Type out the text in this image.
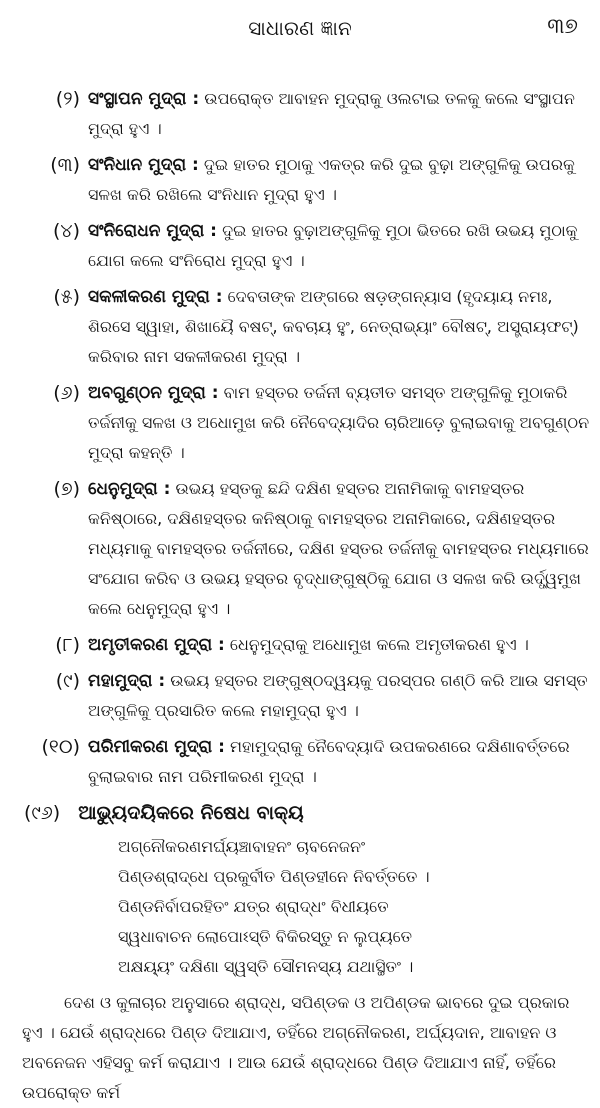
ସାଧାରଣ ଜ୍ଞାନ	୩୭
(୨) ସଂସ୍ଥାପନ ମୁଦ୍ରା : ଉପରୋକ୍ତ ଆବାହନ ମୁଦ୍ରାକୁ ଓଲଟାଇ ତଳକୁ କଲେ ସଂସ୍ଥାପନ ମୁଦ୍ରା ହୁଏ ।
(୩) ସଂନିଧାନ ମୁଦ୍ରା : ଦୁଇ ହାତର ମୁଠାକୁ ଏକତ୍ର କରି ଦୁଇ ବୁଢ଼ା ଅଙ୍ଗୁଳିକୁ ଉପରକୁ ସଳଖ କରି ରଖିଲେ ସଂନିଧାନ ମୁଦ୍ରା ହୁଏ ।
(୪) ସଂନିରୋଧନ ମୁଦ୍ରା : ଦୁଇ ହାତର ବୁଢ଼ାଅଙ୍ଗୁଳିକୁ ମୁଠା ଭିତରେ ରଖି ଉଭୟ ମୁଠାକୁ ଯୋଗ କଲେ ସଂନିରୋଧ ମୁଦ୍ରା ହୁଏ ।
(୫) ସକଳୀକରଣ ମୁଦ୍ରା : ଦେବତାଙ୍କ ଅଙ୍ଗରେ ଷଡ଼ଙ୍ଗନ୍ୟାସ (ହୃଦୟାୟ ନମଃ, ଶିରସେ ସ୍ୱାହା, ଶିଖାୟୈ ବଷଟ୍, କବଚାୟ ହୁଂ, ନେତ୍ରାଭ୍ୟାଂ ବୌଷଟ୍, ଅସ୍ତ୍ରାୟଫଟ୍) କରିବାର ନାମ ସକଳୀକରଣ ମୁଦ୍ରା ।
(୬) ଅବଗୁଣ୍ଠନ ମୁଦ୍ରା : ବାମ ହସ୍ତର ତର୍ଜନୀ ବ୍ୟତୀତ ସମସ୍ତ ଅଙ୍ଗୁଳିକୁ ମୁଠାକରି ତର୍ଜନୀକୁ ସଳଖ ଓ ଅଧୋମୁଖ କରି ନୈବେଦ୍ୟାଦିର ଚାରିଆଡ଼େ ବୁଲାଇବାକୁ ଅବଗୁଣ୍ଠନ ମୁଦ୍ରା କହନ୍ତି ।
(୭) ଧେନୁମୁଦ୍ରା : ଉଭୟ ହସ୍ତକୁ ଛନ୍ଦି ଦକ୍ଷିଣ ହସ୍ତର ଅନାମିକାକୁ ବାମହସ୍ତର କନିଷ୍ଠାରେ, ଦକ୍ଷିଣହସ୍ତର କନିଷ୍ଠାକୁ ବାମହସ୍ତର ଅନାମିକାରେ, ଦକ୍ଷିଣହସ୍ତର ମଧ୍ୟମାକୁ ବାମହସ୍ତର ତର୍ଜନୀରେ, ଦକ୍ଷିଣ ହସ୍ତର ତର୍ଜନୀକୁ ବାମହସ୍ତର ମଧ୍ୟମାରେ ସଂଯୋଗ କରିବ ଓ ଉଭୟ ହସ୍ତର ବୃଦ୍ଧାଙ୍ଗୁଷ୍ଠିକୁ ଯୋଗ ଓ ସଳଖ କରି ଉର୍ଦ୍ଧ୍ୱମୁଖ କଲେ ଧେନୁମୁଦ୍ରା ହୁଏ ।
(୮) ଅମୃତୀକରଣ ମୁଦ୍ରା : ଧେନୁମୁଦ୍ରାକୁ ଅଧୋମୁଖ କଲେ ଅମୃତୀକରଣ ହୁଏ ।
(୯) ମହାମୁଦ୍ରା : ଉଭୟ ହସ୍ତର ଅଙ୍ଗୁଷ୍ଠଦ୍ୱୟକୁ ପରସ୍ପର ଗଣ୍ଠି କରି ଆଉ ସମସ୍ତ ଅଙ୍ଗୁଳିକୁ ପ୍ରସାରିତ କଲେ ମହାମୁଦ୍ରା ହୁଏ ।
(୧୦) ପରିମୀକରଣ ମୁଦ୍ରା : ମହାମୁଦ୍ରାକୁ ନୈବେଦ୍ୟାଦି ଉପକରଣରେ ଦକ୍ଷିଣାବର୍ତ୍ତରେ ବୁଲାଇବାର ନାମ ପରିମୀକରଣ ମୁଦ୍ରା ।
(୯୬) ଆଭ୍ୟୁଦୟିକରେ ନିଷେଧ ବାକ୍ୟ
ଅଗ୍ନୌକରଣମର୍ଘ୍ୟଞ୍ଚାବାହନଂ ଚାବନେଜନଂ
ପିଣ୍ଡଶ୍ରାଦ୍ଧେ ପ୍ରକୁର୍ବୀତ ପିଣ୍ଡହୀନେ ନିବର୍ତ୍ତତେ ।
ପିଣ୍ଡନିର୍ବାପରହିତଂ ଯତ୍ର ଶ୍ରାଦ୍ଧଂ ବିଧୀୟତେ
ସ୍ୱଧାବାଚନ ଲୋପୋଽସ୍ତି ବିକିରସ୍ତୁ ନ ଲୁପ୍ୟତେ
ଅକ୍ଷୟ୍ୟଂ ଦକ୍ଷିଣା ସ୍ୱସ୍ତି ସୌମନସ୍ୟ ଯଥାସ୍ଥିତଂ ।
ଦେଶ ଓ କୁଳାଚାର ଅନୁସାରେ ଶ୍ରାଦ୍ଧ, ସପିଣ୍ଡକ ଓ ଅପିଣ୍ଡକ ଭାବରେ ଦୁଇ ପ୍ରକାର ହୁଏ । ଯେଉଁ ଶ୍ରାଦ୍ଧରେ ପିଣ୍ଡ ଦିଆଯାଏ, ତହିଁରେ ଅଗ୍ନୌକରଣ, ଅର୍ଘ୍ୟଦାନ, ଆବାହନ ଓ ଅବନେଜନ ଏହିସବୁ କର୍ମ କରାଯାଏ । ଆଉ ଯେଉଁ ଶ୍ରାଦ୍ଧରେ ପିଣ୍ଡ ଦିଆଯାଏ ନାହିଁ, ତହିଁରେ ଉପରୋକ୍ତ କର୍ମ
